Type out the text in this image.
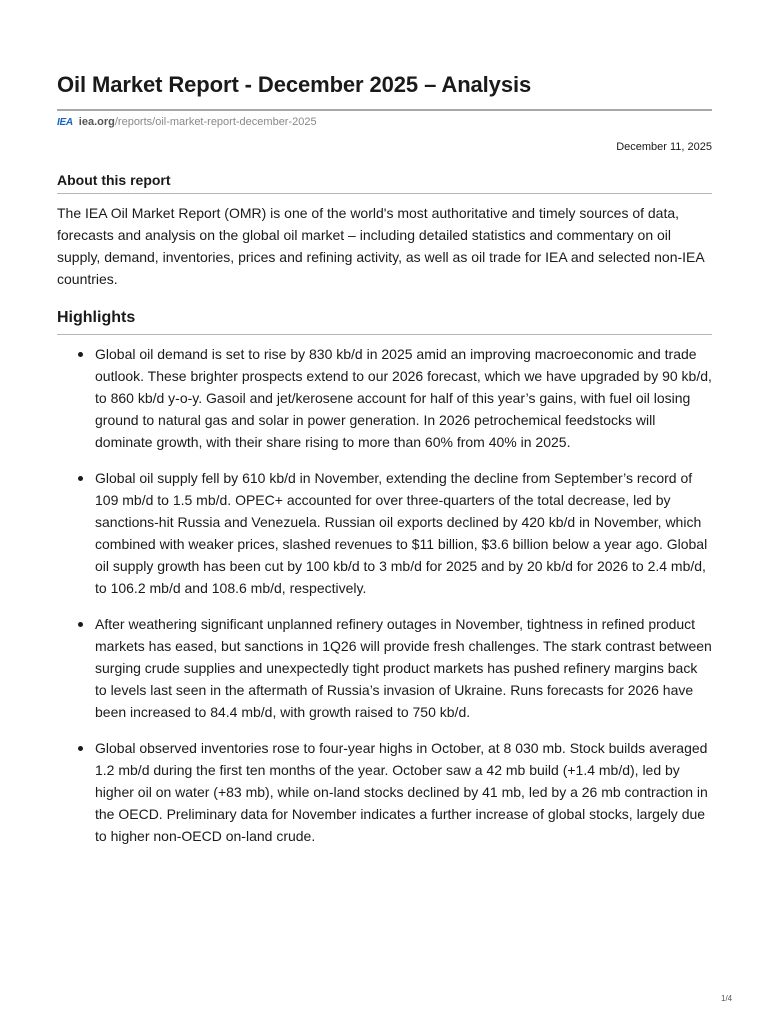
Oil Market Report - December 2025 – Analysis
IEA iea.org /reports/oil-market-report-december-2025
December 11, 2025
About this report

The IEA Oil Market Report (OMR) is one of the world's most authoritative and timely sources of data, forecasts and analysis on the global oil market – including detailed statistics and commentary on oil supply, demand, inventories, prices and refining activity, as well as oil trade for IEA and selected non-IEA countries.

Highlights
Global oil demand is set to rise by 830 kb/d in 2025 amid an improving macroeconomic and trade outlook. These brighter prospects extend to our 2026 forecast, which we have upgraded by 90 kb/d, to 860 kb/d y-o-y. Gasoil and jet/kerosene account for half of this year’s gains, with fuel oil losing ground to natural gas and solar in power generation. In 2026 petrochemical feedstocks will dominate growth, with their share rising to more than 60% from 40% in 2025.
Global oil supply fell by 610 kb/d in November, extending the decline from September’s record of 109 mb/d to 1.5 mb/d. OPEC+ accounted for over three-quarters of the total decrease, led by sanctions-hit Russia and Venezuela. Russian oil exports declined by 420 kb/d in November, which combined with weaker prices, slashed revenues to $11 billion, $3.6 billion below a year ago. Global oil supply growth has been cut by 100 kb/d to 3 mb/d for 2025 and by 20 kb/d for 2026 to 2.4 mb/d, to 106.2 mb/d and 108.6 mb/d, respectively.
After weathering significant unplanned refinery outages in November, tightness in refined product markets has eased, but sanctions in 1Q26 will provide fresh challenges. The stark contrast between surging crude supplies and unexpectedly tight product markets has pushed refinery margins back to levels last seen in the aftermath of Russia’s invasion of Ukraine. Runs forecasts for 2026 have been increased to 84.4 mb/d, with growth raised to 750 kb/d.
Global observed inventories rose to four-year highs in October, at 8 030 mb. Stock builds averaged 1.2 mb/d during the first ten months of the year. October saw a 42 mb build (+1.4 mb/d), led by higher oil on water (+83 mb), while on-land stocks declined by 41 mb, led by a 26 mb contraction in the OECD. Preliminary data for November indicates a further increase of global stocks, largely due to higher non-OECD on-land crude.
1/4
